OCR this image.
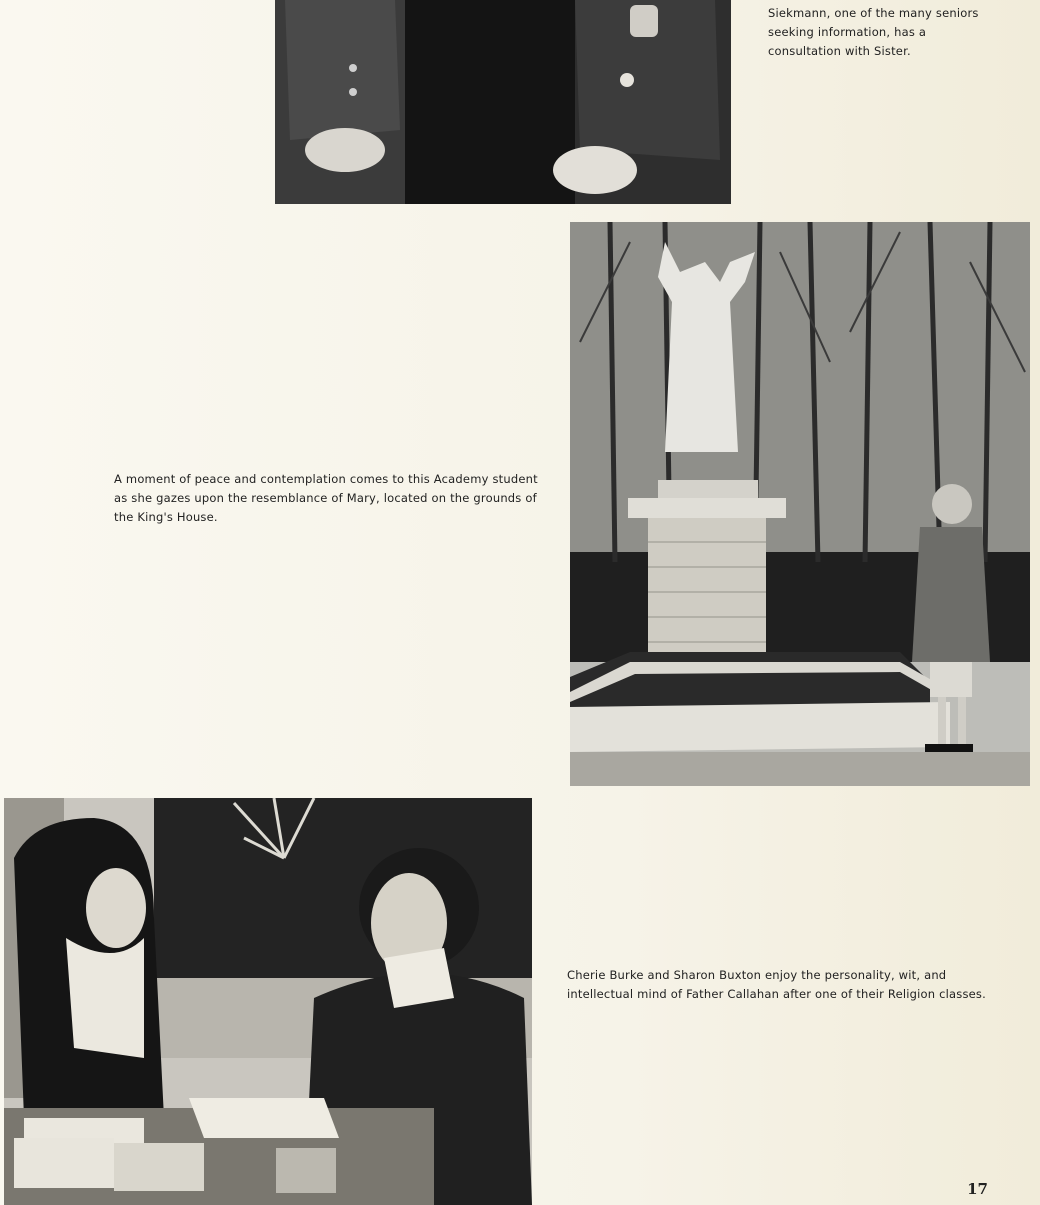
Siekmann, one of the many seniors seeking information, has a consultation with Sister.

A moment of peace and contemplation comes to this Academy student as she gazes upon the resemblance of Mary, located on the grounds of the King's House.

Cherie Burke and Sharon Buxton enjoy the personality, wit, and intellectual mind of Father Callahan after one of their Religion classes.

17
